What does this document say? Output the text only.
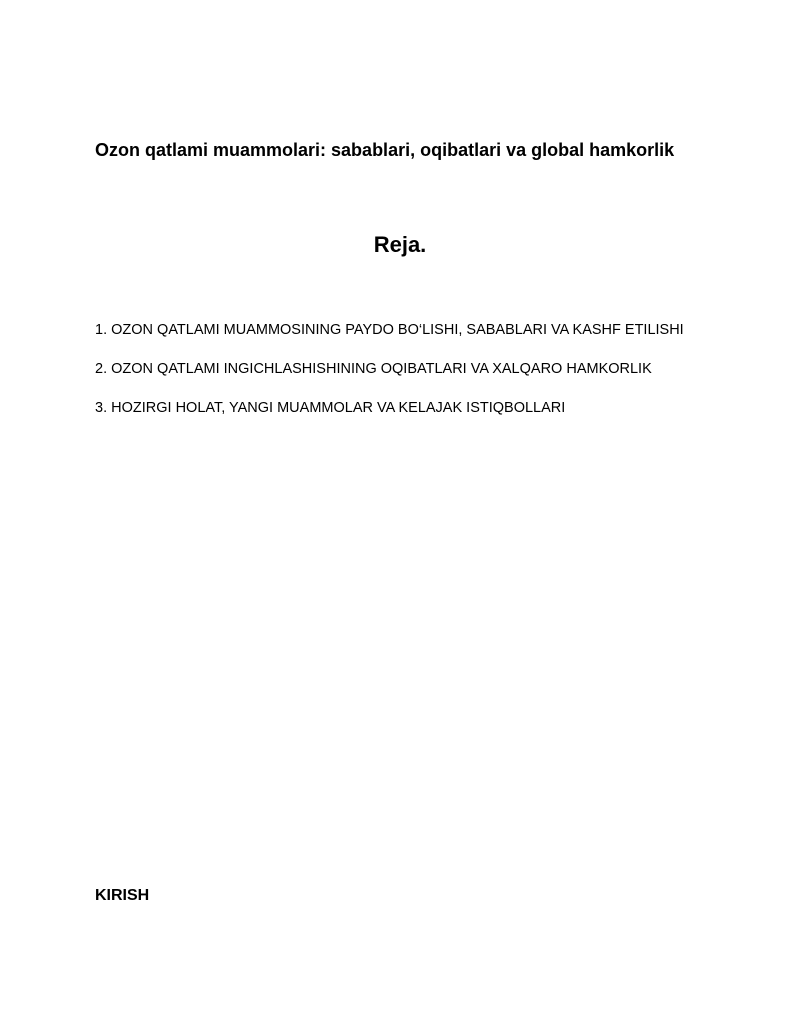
Ozon qatlami muammolari: sabablari, oqibatlari va global hamkorlik
Reja.
1. OZON QATLAMI MUAMMOSINING PAYDO BO‘LISHI, SABABLARI VA KASHF ETILISHI
2. OZON QATLAMI INGICHLASHISHINING OQIBATLARI VA XALQARO HAMKORLIK
3. HOZIRGI HOLAT, YANGI MUAMMOLAR VA KELAJAK ISTIQBOLLARI
KIRISH
